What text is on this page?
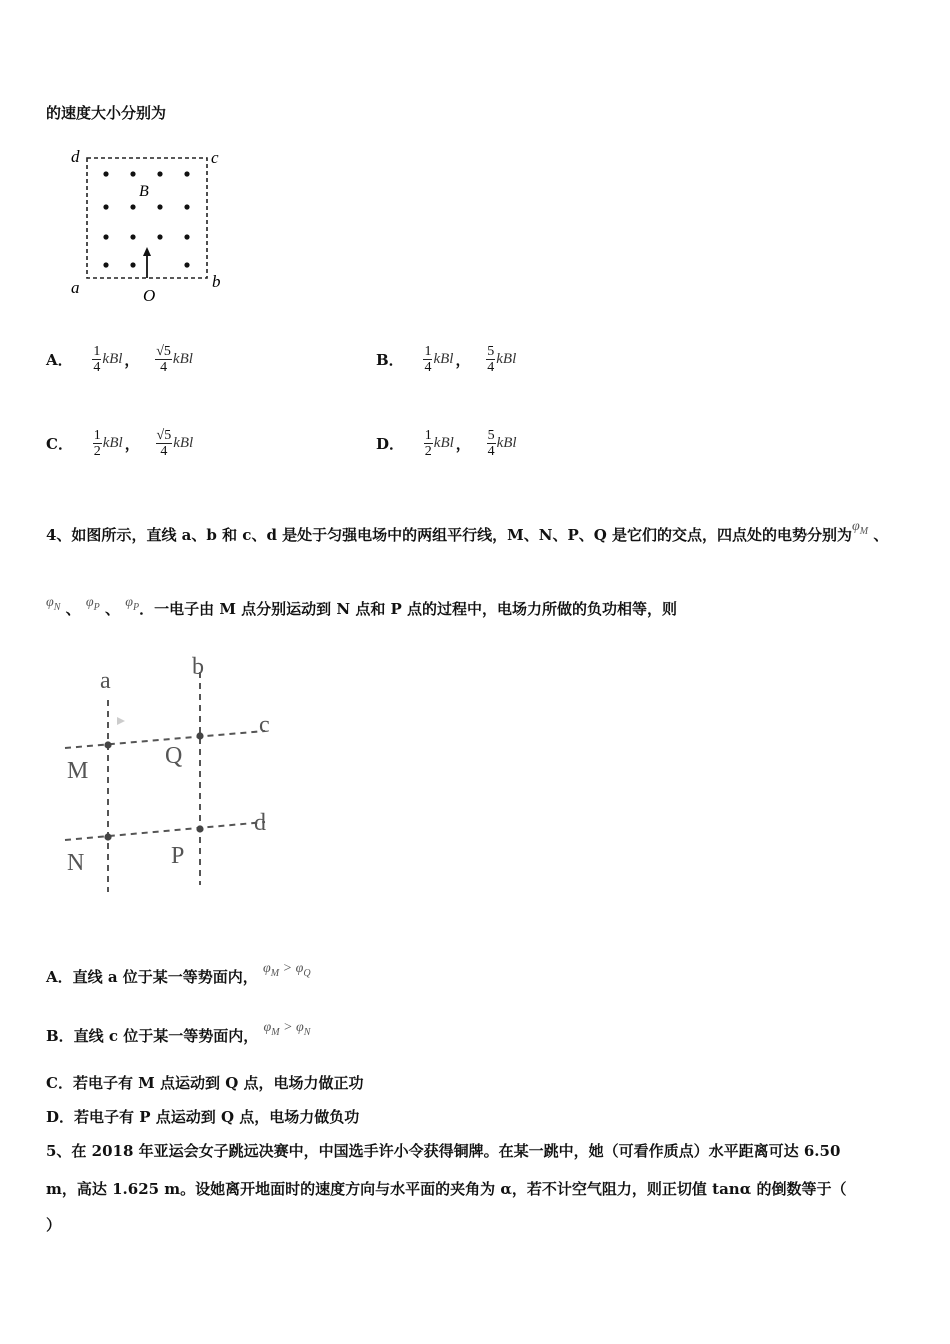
的速度大小分别为
d	c
B
a	b
O
A． $\frac{1}{4}$ kBl ， $\frac{√5}{4}$ kBl	B． $\frac{1}{4}$ kBl ， $\frac{5}{4}$ kBl
C． $\frac{1}{2}$ kBl ， $\frac{√5}{4}$ kBl	D． $\frac{1}{2}$ kBl ， $\frac{5}{4}$ kBl
4、如图所示，直线 a、b 和 c、d 是处于匀强电场中的两组平行线，M、N、P、Q 是它们的交点，四点处的电势分别为$\varphi_M$ 、
$\varphi_N$ 、 $\varphi_P$ 、 $\varphi_P$．一电子由 M 点分别运动到 N 点和 P 点的过程中，电场力所做的负功相等，则
a
b
c
d
M
Q
N	P
A．直线 a 位于某一等势面内， $\varphi_M > \varphi_Q$
B．直线 c 位于某一等势面内， $\varphi_M > \varphi_N$
C．若电子有 M 点运动到 Q 点，电场力做正功
D．若电子有 P 点运动到 Q 点，电场力做负功
5、在 2018 年亚运会女子跳远决赛中，中国选手许小令获得铜牌。在某一跳中，她（可看作质点）水平距离可达 6.50
m，高达 1.625 m。设她离开地面时的速度方向与水平面的夹角为 α，若不计空气阻力，则正切值 tanα 的倒数等于（
）
